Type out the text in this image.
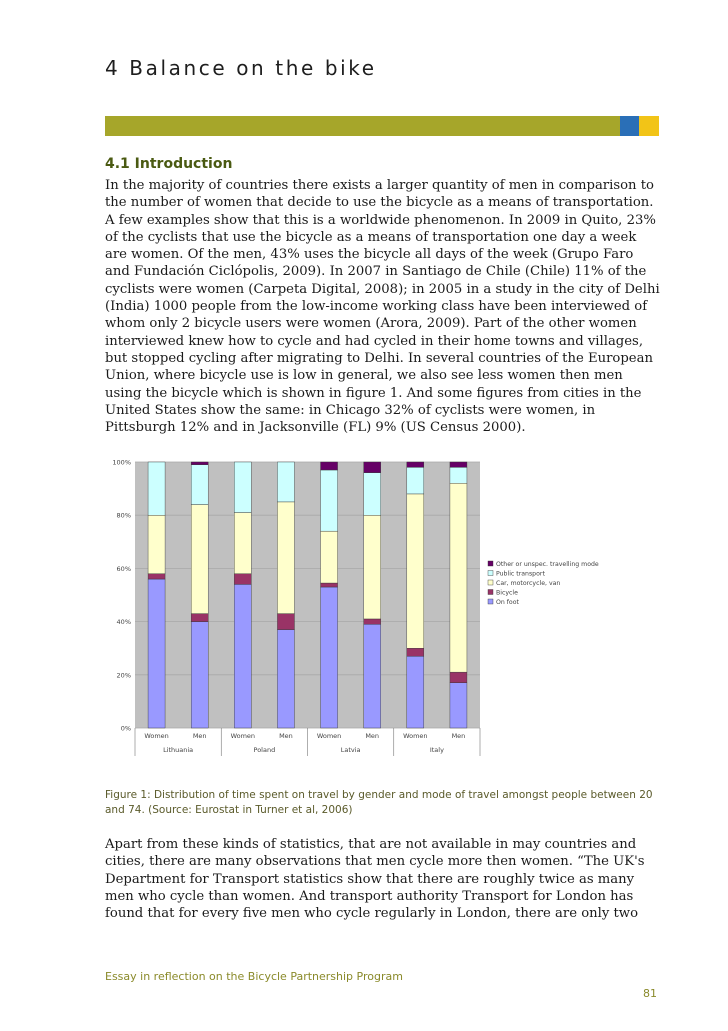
4 Balance on the bike
4.1 Introduction

In the majority of countries there exists a larger quantity of men in comparison to the number of women that decide to use the bicycle as a means of transportation. A few examples show that this is a worldwide phenomenon. In 2009 in Quito, 23% of the cyclists that use the bicycle as a means of transportation one day a week are women. Of the men, 43% uses the bicycle all days of the week (Grupo Faro and Fundación Ciclópolis, 2009). In 2007 in Santiago de Chile (Chile) 11% of the cyclists were women (Carpeta Digital, 2008); in 2005 in a study in the city of Delhi (India) 1000 people from the low-income working class have been interviewed of whom only 2 bicycle users were women (Arora, 2009). Part of the other women interviewed knew how to cycle and had cycled in their home towns and villages, but stopped cycling after migrating to Delhi. In several countries of the European Union, where bicycle use is low in general, we also see less women then men using the bicycle which is shown in figure 1. And some figures from cities in the United States show the same: in Chicago 32% of cyclists were women, in Pittsburgh 12% and in Jacksonville (FL) 9% (US Census 2000).

0%
20%
40%
60%
80%
100%
Women	Men	Women	Men	Women	Men	Women	Men
Lithuania	Poland	Latvia	Italy
Other or unspec. travelling mode
Public transport
Car, motorcycle, van
Bicycle
On foot

Figure 1: Distribution of time spent on travel by gender and mode of travel amongst people between 20 and 74. (Source: Eurostat in Turner et al, 2006)

Apart from these kinds of statistics, that are not available in may countries and cities, there are many observations that men cycle more then women. “The UK's Department for Transport statistics show that there are roughly twice as many men who cycle than women. And transport authority Transport for London has found that for every five men who cycle regularly in London, there are only two

Essay in reflection on the Bicycle Partnership Program
81
